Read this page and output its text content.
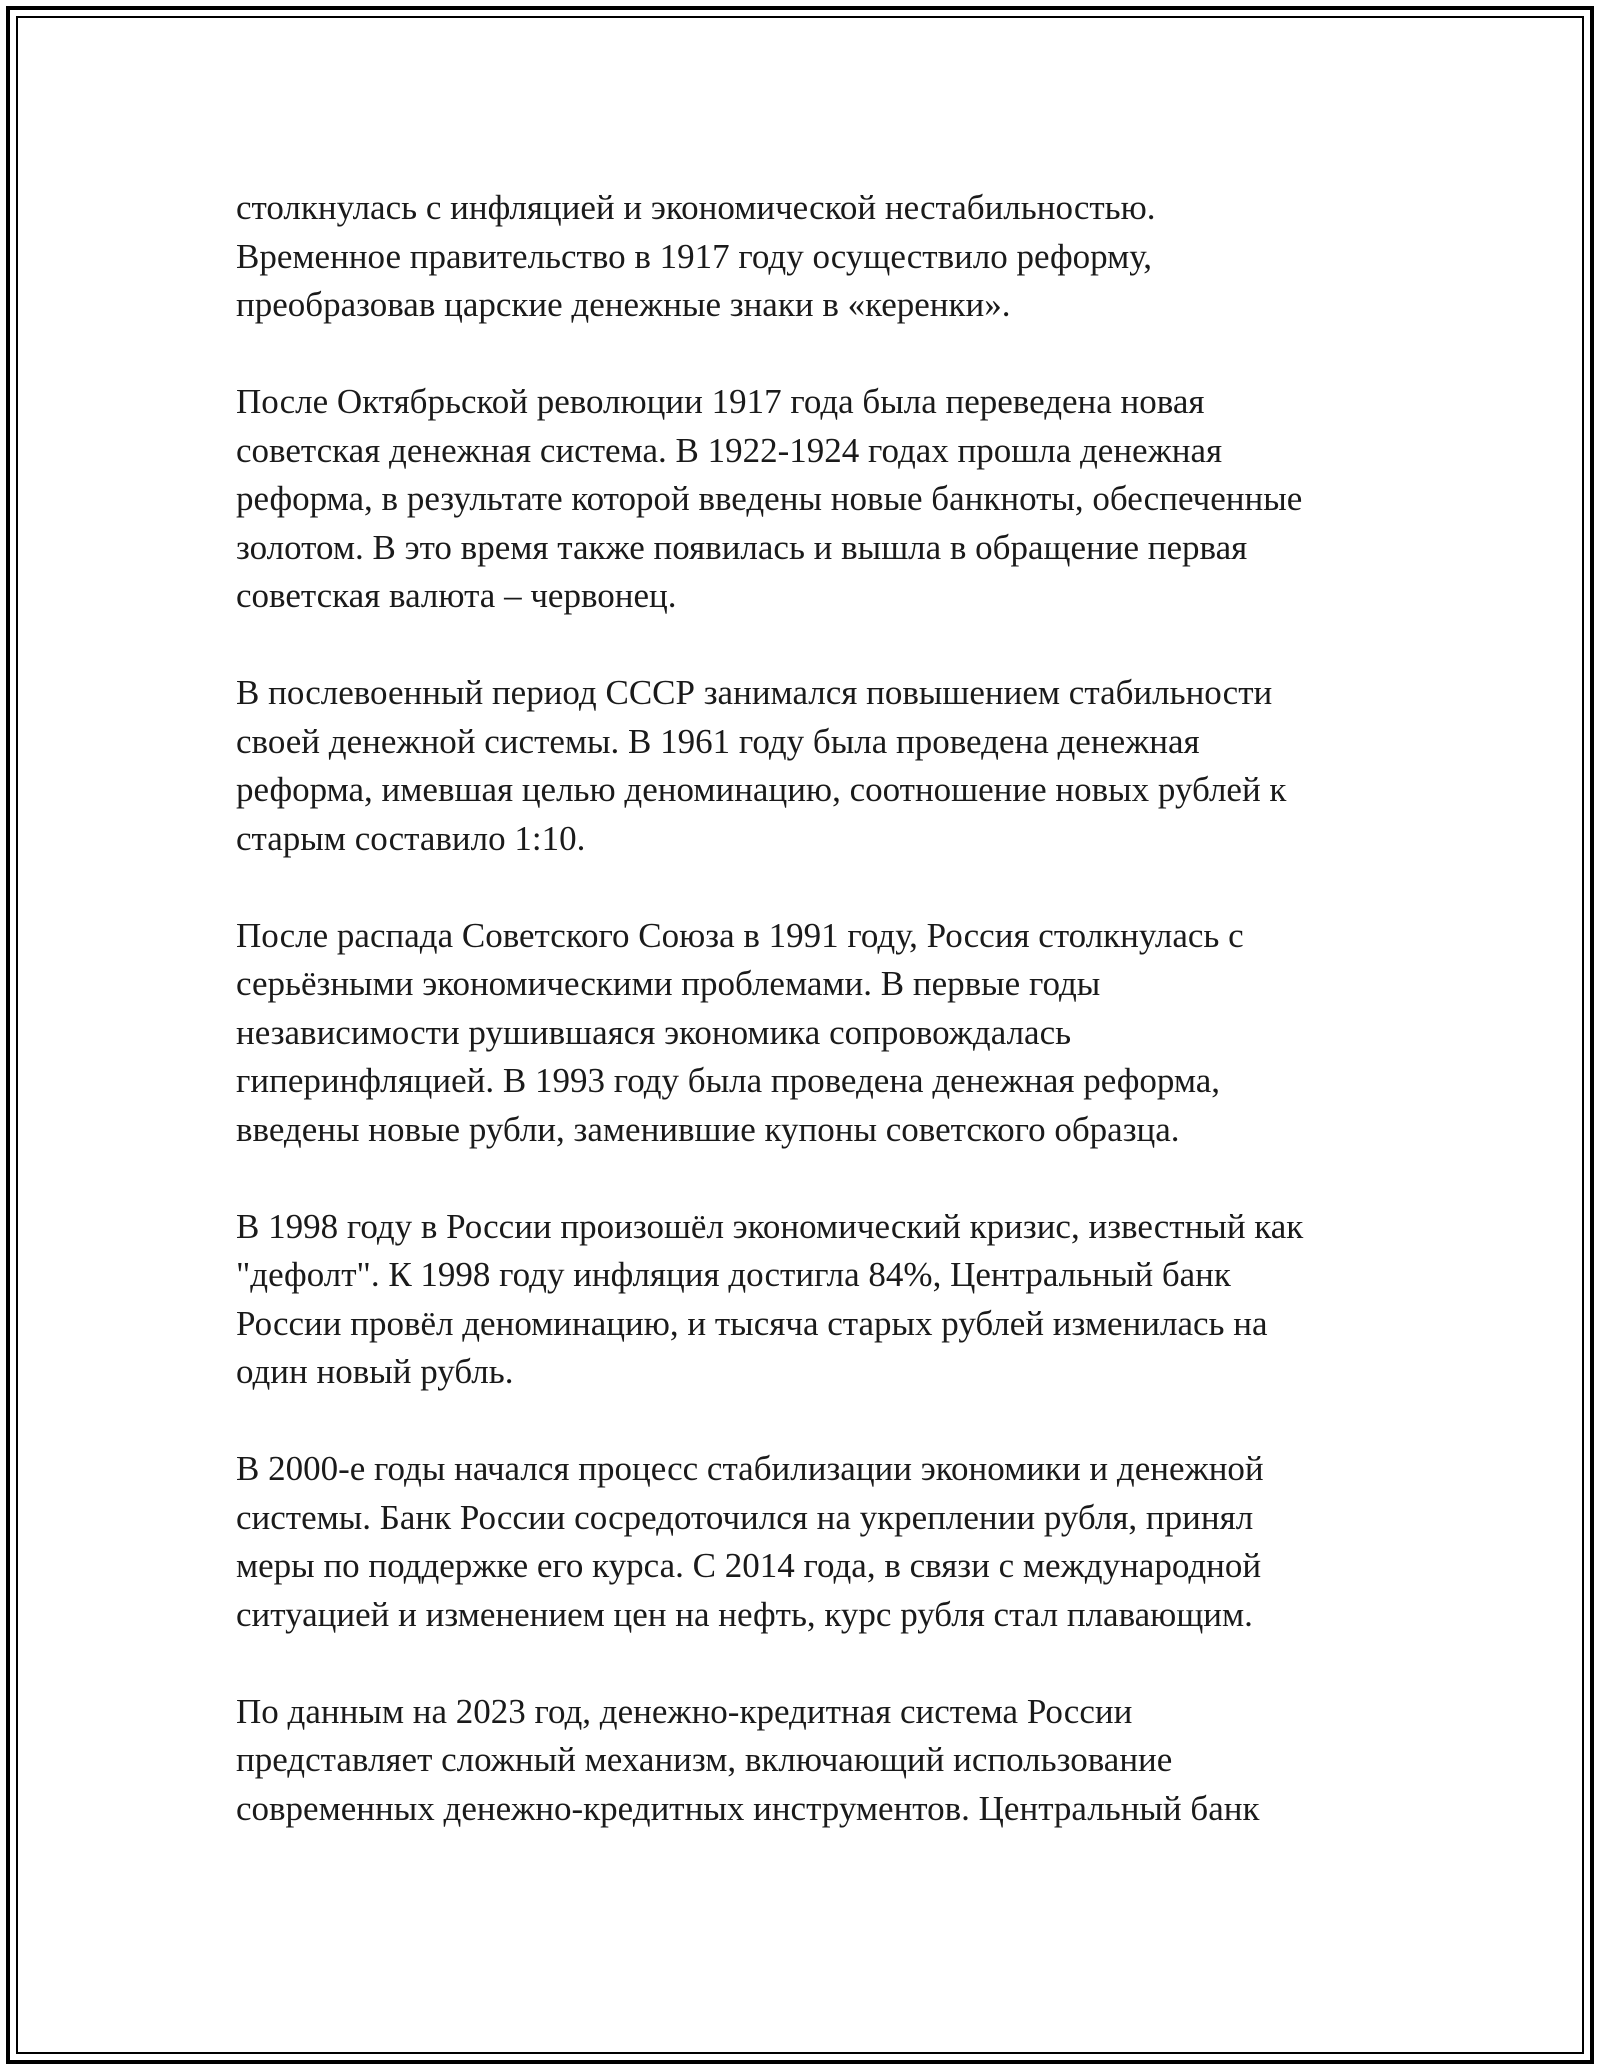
столкнулась с инфляцией и экономической нестабильностью.
Временное правительство в 1917 году осуществило реформу,
преобразовав царские денежные знаки в «керенки».

После Октябрьской революции 1917 года была переведена новая
советская денежная система. В 1922-1924 годах прошла денежная
реформа, в результате которой введены новые банкноты, обеспеченные
золотом. В это время также появилась и вышла в обращение первая
советская валюта – червонец.

В послевоенный период СССР занимался повышением стабильности
своей денежной системы. В 1961 году была проведена денежная
реформа, имевшая целью деноминацию, соотношение новых рублей к
старым составило 1:10.

После распада Советского Союза в 1991 году, Россия столкнулась с
серьёзными экономическими проблемами. В первые годы
независимости рушившаяся экономика сопровождалась
гиперинфляцией. В 1993 году была проведена денежная реформа,
введены новые рубли, заменившие купоны советского образца.

В 1998 году в России произошёл экономический кризис, известный как
"дефолт". К 1998 году инфляция достигла 84%, Центральный банк
России провёл деноминацию, и тысяча старых рублей изменилась на
один новый рубль.

В 2000-е годы начался процесс стабилизации экономики и денежной
системы. Банк России сосредоточился на укреплении рубля, принял
меры по поддержке его курса. С 2014 года, в связи с международной
ситуацией и изменением цен на нефть, курс рубля стал плавающим.

По данным на 2023 год, денежно-кредитная система России
представляет сложный механизм, включающий использование
современных денежно-кредитных инструментов. Центральный банк
